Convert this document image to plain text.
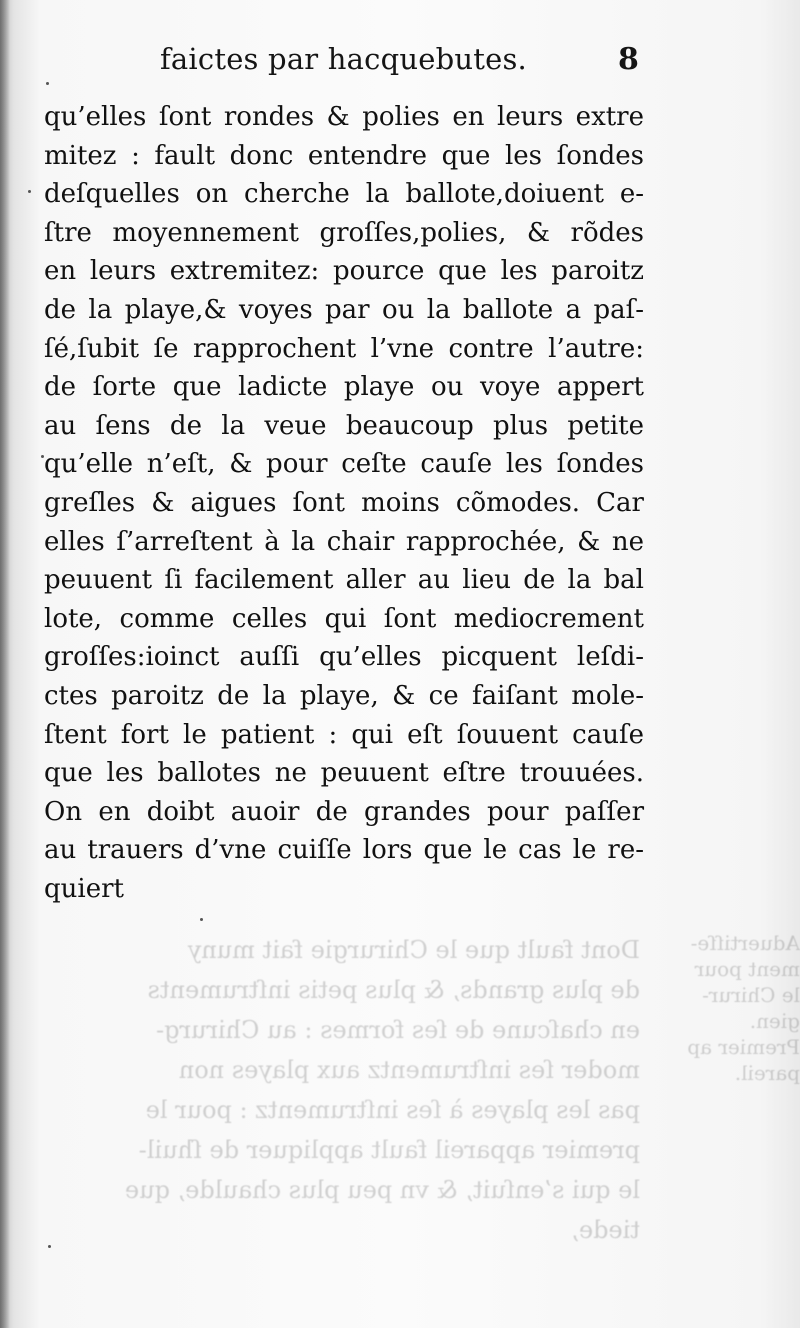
faictes par hacquebutes.	8
qu’elles ſont rondes & polies en leurs extre
mitez : fault donc entendre que les ſondes
deſquelles on cherche la ballote,doiuent e-
ſtre moyennement groſſes,polies, & rõdes
en leurs extremitez: pource que les paroitz
de la playe,& voyes par ou la ballote a paſ-
ſé,ſubit ſe rapprochent l’vne contre l’autre:
de ſorte que ladicte playe ou voye appert
au ſens de la veue beaucoup plus petite
qu’elle n’eſt, & pour ceſte cauſe les ſondes
greſles & aigues ſont moins cõmodes. Car
elles ſ’arreſtent à la chair rapprochée, & ne
peuuent ſi facilement aller au lieu de la bal
lote, comme celles qui ſont mediocrement
groſſes:ioinct auſſi qu’elles picquent leſdi-
ctes paroitz de la playe, & ce faiſant mole-
ſtent fort le patient : qui eſt ſouuent cauſe
que les ballotes ne peuuent eſtre trouuées.
On en doibt auoir de grandes pour paſſer
au trauers d’vne cuiſſe lors que le cas le re-
quiert
Dont fault que le Chirurgie fait muny
de plus grands, & plus petis inſtruments
en chaſcune de ſes formes : au Chirurg-
moder ſes inſtrumentz aux playes non
pas les playes à ſes inſtrumentz : pour le
premier appareil fault appliquer de ſhuil-
le qui s’enſuit, & vn peu plus chaulde, que
tiede,
Aduertiſſe-
ment pour
le Chirur-
gien.
Premier ap
pareil.
